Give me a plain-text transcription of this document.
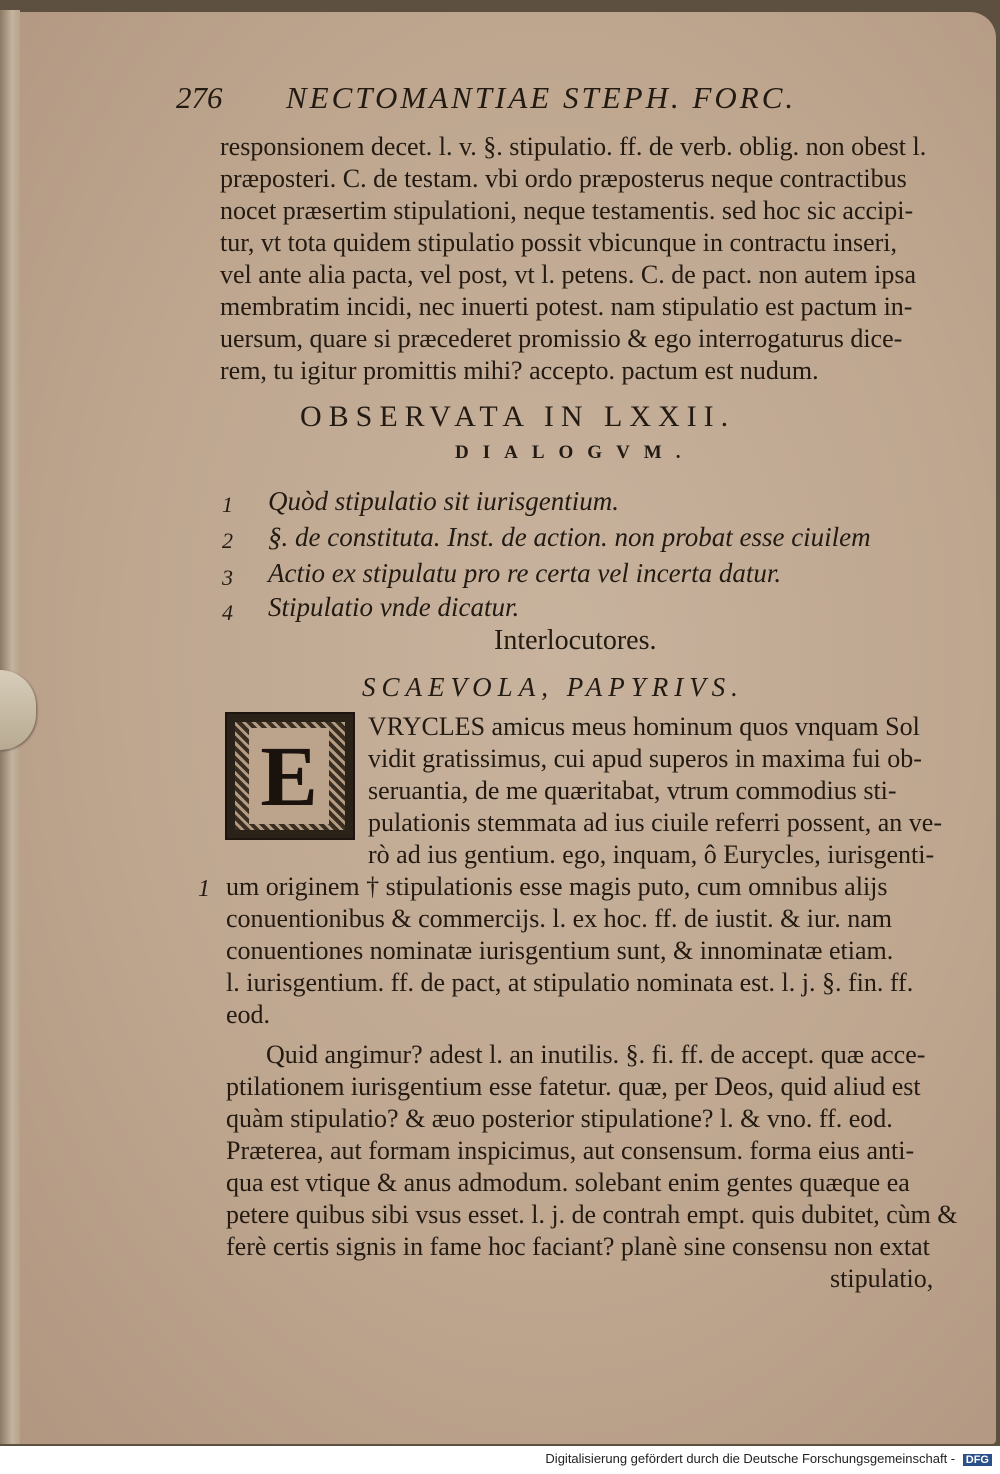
276 NECTOMANTIAE STEPH. FORC.
responsionem decet. l. v. §. stipulatio. ff. de verb. oblig. non obest l.
præposteri. C. de testam. vbi ordo præposterus neque contractibus
nocet præsertim stipulationi, neque testamentis. sed hoc sic accipi-
tur, vt tota quidem stipulatio possit vbicunque in contractu inseri,
vel ante alia pacta, vel post, vt l. petens. C. de pact. non autem ipsa
membratim incidi, nec inuerti potest. nam stipulatio est pactum in-
uersum, quare si præcederet promissio & ego interrogaturus dice-
rem, tu igitur promittis mihi? accepto. pactum est nudum.
OBSERVATA IN LXXII.
DIALOGVM.
1 Quòd stipulatio sit iurisgentium.
2 §. de constituta. Inst. de action. non probat esse ciuilem
3 Actio ex stipulatu pro re certa vel incerta datur.
4 Stipulatio vnde dicatur.
Interlocutores.
SCAEVOLA, PAPYRIVS.
E
VRYCLES amicus meus hominum quos vnquam Sol
vidit gratissimus, cui apud superos in maxima fui ob-
seruantia, de me quæritabat, vtrum commodius sti-
pulationis stemmata ad ius ciuile referri possent, an ve-
rò ad ius gentium. ego, inquam, ô Eurycles, iurisgenti-
um originem † stipulationis esse magis puto, cum omnibus alijs
conuentionibus & commercijs. l. ex hoc. ff. de iustit. & iur. nam
conuentiones nominatæ iurisgentium sunt, & innominatæ etiam.
l. iurisgentium. ff. de pact, at stipulatio nominata est. l. j. §. fin. ff.
eod.
Quid angimur? adest l. an inutilis. §. fi. ff. de accept. quæ acce-
ptilationem iurisgentium esse fatetur. quæ, per Deos, quid aliud est
quàm stipulatio? & æuo posterior stipulatione? l. & vno. ff. eod.
Præterea, aut formam inspicimus, aut consensum. forma eius anti-
qua est vtique & anus admodum. solebant enim gentes quæque ea
petere quibus sibi vsus esset. l. j. de contrah empt. quis dubitet, cùm &
ferè certis signis in fame hoc faciant? planè sine consensu non extat
stipulatio,
1
Digitalisierung gefördert durch die Deutsche Forschungsgemeinschaft - DFG
